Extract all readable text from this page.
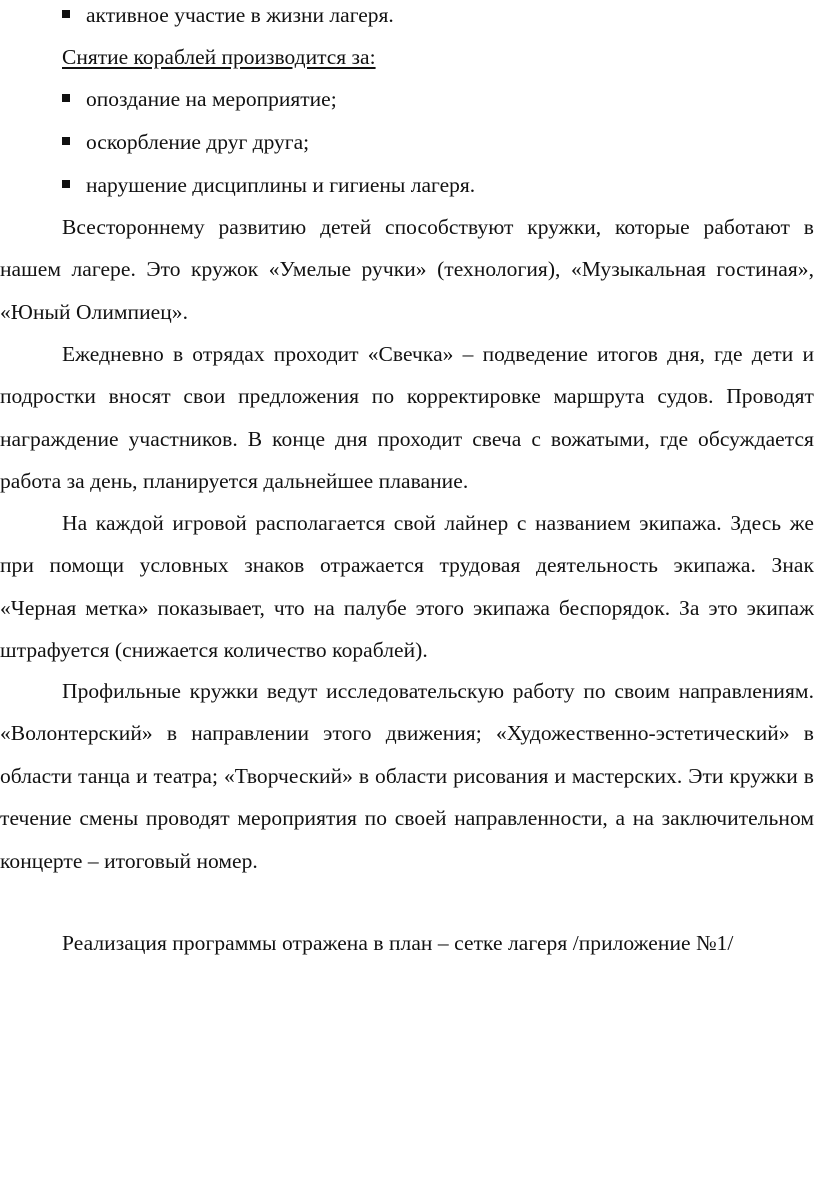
активное участие в жизни лагеря.
Снятие кораблей производится за:
опоздание на мероприятие;
оскорбление друг друга;
нарушение дисциплины и гигиены лагеря.

Всестороннему развитию детей способствуют кружки, которые работают в нашем лагере. Это кружок «Умелые ручки» (технология), «Музыкальная гостиная», «Юный Олимпиец».

Ежедневно в отрядах проходит «Свечка» – подведение итогов дня, где дети и подростки вносят свои предложения по корректировке маршрута судов. Проводят награждение участников. В конце дня проходит свеча с вожатыми, где обсуждается работа за день, планируется дальнейшее плавание.

На каждой игровой располагается свой лайнер с названием экипажа. Здесь же при помощи условных знаков отражается трудовая деятельность экипажа. Знак «Черная метка» показывает, что на палубе этого экипажа беспорядок. За это экипаж штрафуется (снижается количество кораблей).

Профильные кружки ведут исследовательскую работу по своим направлениям. «Волонтерский» в направлении этого движения; «Художественно-эстетический» в области танца и театра; «Творческий» в области рисования и мастерских. Эти кружки в течение смены проводят мероприятия по своей направленности, а на заключительном концерте – итоговый номер.

Реализация программы отражена в план – сетке лагеря /приложение №1/
